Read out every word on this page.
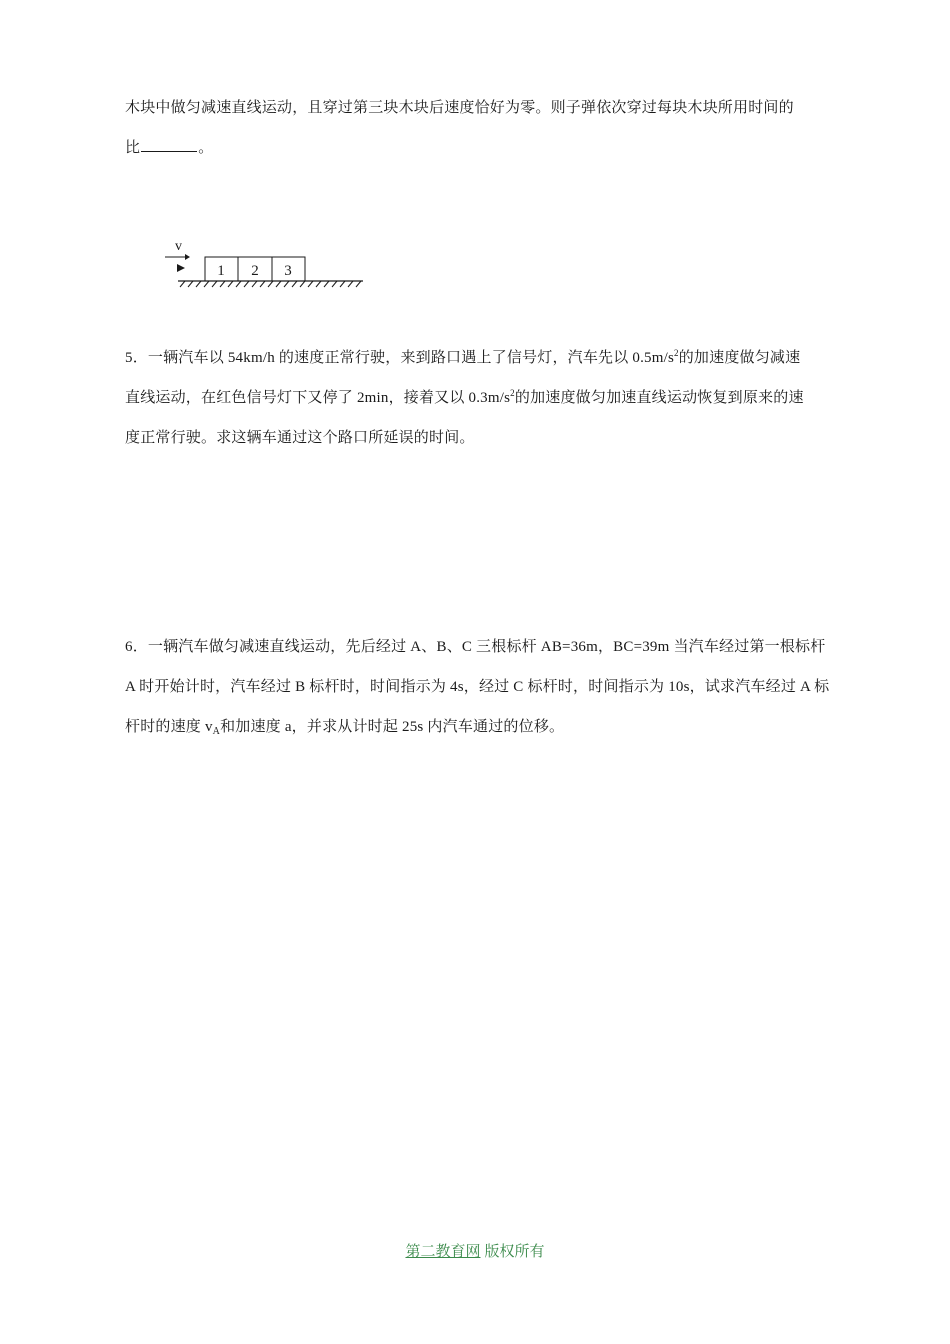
木块中做匀减速直线运动，且穿过第三块木块后速度恰好为零。则子弹依次穿过每块木块所用时间的
比	。
v
1 2 3
5．一辆汽车以 54km/h 的速度正常行驶，来到路口遇上了信号灯，汽车先以 $0.5m/s^2$的加速度做匀减速
直线运动，在红色信号灯下又停了 2min，接着又以 $0.3m/s^2$的加速度做匀加速直线运动恢复到原来的速
度正常行驶。求这辆车通过这个路口所延误的时间。
6．一辆汽车做匀减速直线运动，先后经过 A、B、C 三根标杆 AB=36m，BC=39m 当汽车经过第一根标杆
A 时开始计时，汽车经过 B 标杆时，时间指示为 4s，经过 C 标杆时，时间指示为 10s，试求汽车经过 A 标
杆时的速度 $v_A$和加速度 a，并求从计时起 25s 内汽车通过的位移。
第二教育网 版权所有
